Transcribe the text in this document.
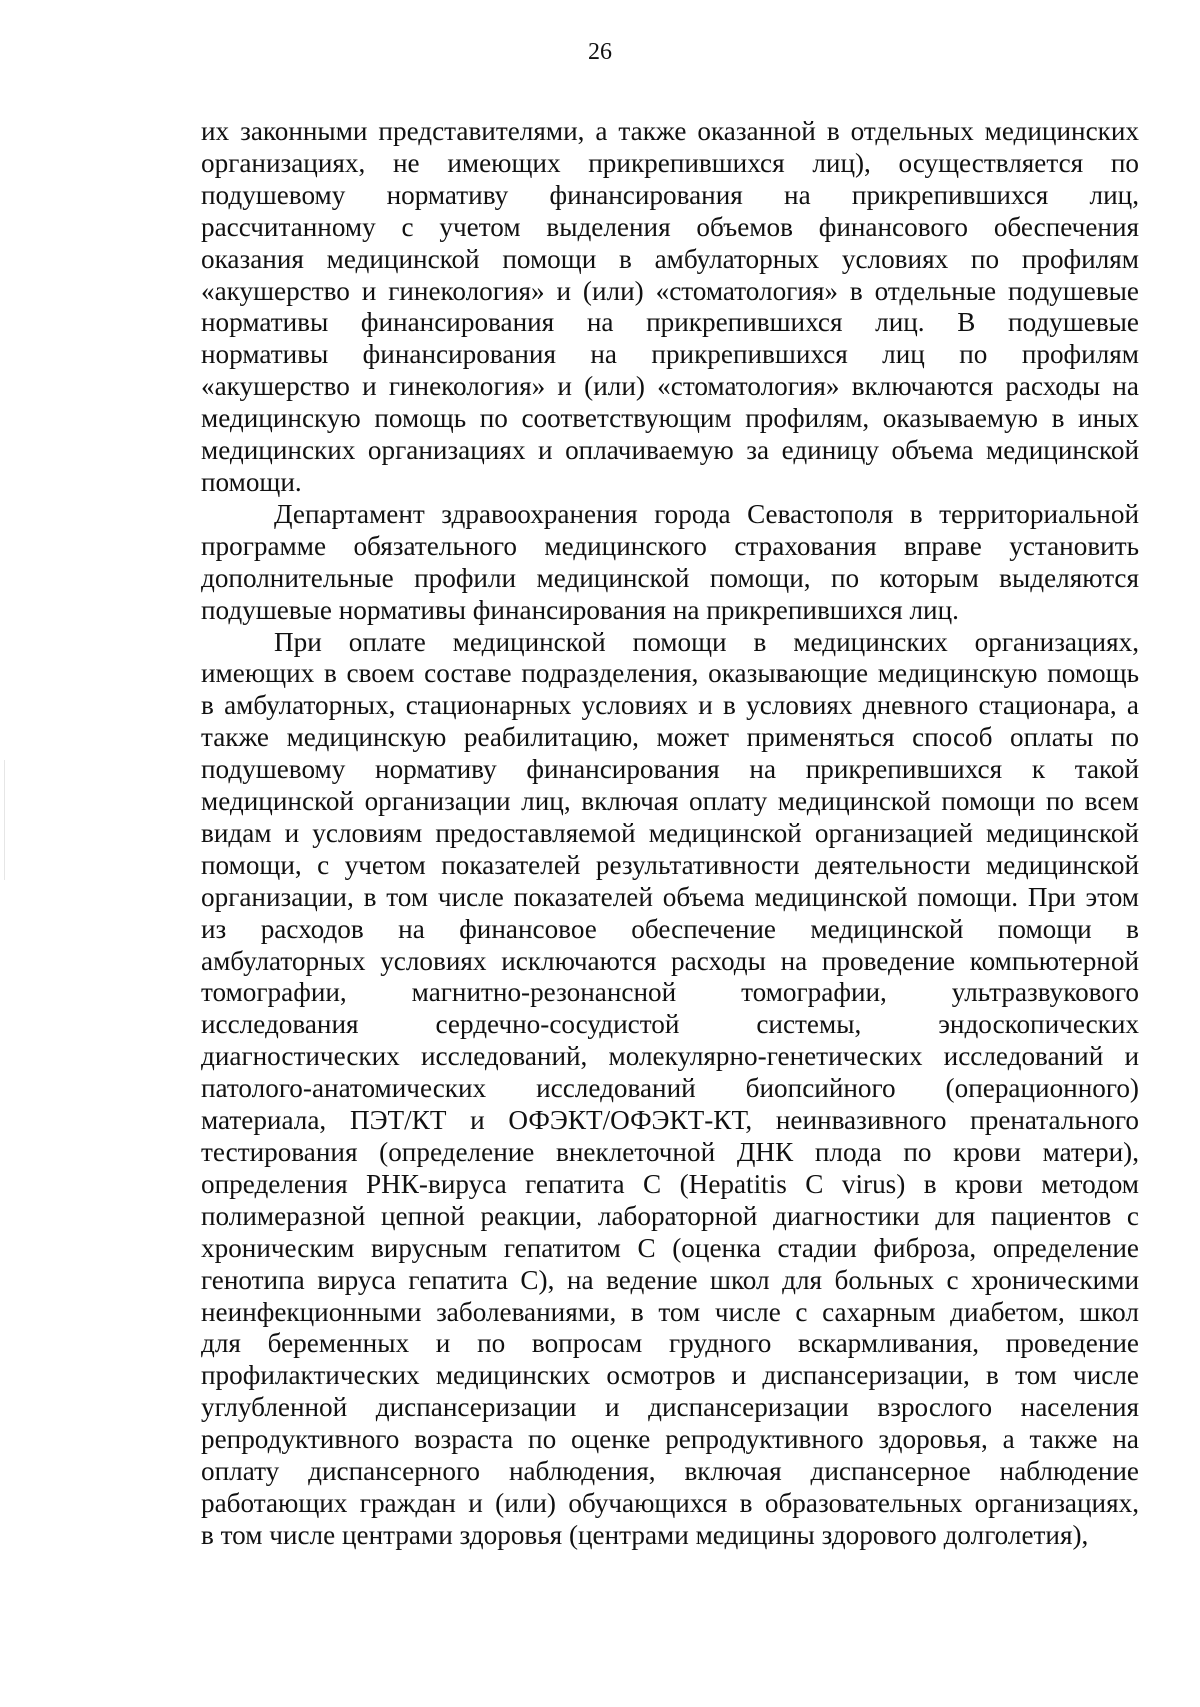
26

их законными представителями, а также оказанной в отдельных медицинских
организациях, не имеющих прикрепившихся лиц), осуществляется по
подушевому нормативу финансирования на прикрепившихся лиц,
рассчитанному с учетом выделения объемов финансового обеспечения
оказания медицинской помощи в амбулаторных условиях по профилям
«акушерство и гинекология» и (или) «стоматология» в отдельные подушевые
нормативы финансирования на прикрепившихся лиц. В подушевые
нормативы финансирования на прикрепившихся лиц по профилям
«акушерство и гинекология» и (или) «стоматология» включаются расходы на
медицинскую помощь по соответствующим профилям, оказываемую в иных
медицинских организациях и оплачиваемую за единицу объема медицинской
помощи.

Департамент здравоохранения города Севастополя в территориальной
программе обязательного медицинского страхования вправе установить
дополнительные профили медицинской помощи, по которым выделяются
подушевые нормативы финансирования на прикрепившихся лиц.

При оплате медицинской помощи в медицинских организациях,
имеющих в своем составе подразделения, оказывающие медицинскую помощь
в амбулаторных, стационарных условиях и в условиях дневного стационара, а
также медицинскую реабилитацию, может применяться способ оплаты по
подушевому нормативу финансирования на прикрепившихся к такой
медицинской организации лиц, включая оплату медицинской помощи по всем
видам и условиям предоставляемой медицинской организацией медицинской
помощи, с учетом показателей результативности деятельности медицинской
организации, в том числе показателей объема медицинской помощи. При этом
из расходов на финансовое обеспечение медицинской помощи в
амбулаторных условиях исключаются расходы на проведение компьютерной
томографии, магнитно-резонансной томографии, ультразвукового
исследования сердечно-сосудистой системы, эндоскопических
диагностических исследований, молекулярно-генетических исследований и
патолого-анатомических исследований биопсийного (операционного)
материала, ПЭТ/КТ и ОФЭКТ/ОФЭКТ-КТ, неинвазивного пренатального
тестирования (определение внеклеточной ДНК плода по крови матери),
определения РНК-вируса гепатита С (Hepatitis С virus) в крови методом
полимеразной цепной реакции, лабораторной диагностики для пациентов с
хроническим вирусным гепатитом С (оценка стадии фиброза, определение
генотипа вируса гепатита С), на ведение школ для больных с хроническими
неинфекционными заболеваниями, в том числе с сахарным диабетом, школ
для беременных и по вопросам грудного вскармливания, проведение
профилактических медицинских осмотров и диспансеризации, в том числе
углубленной диспансеризации и диспансеризации взрослого населения
репродуктивного возраста по оценке репродуктивного здоровья, а также на
оплату диспансерного наблюдения, включая диспансерное наблюдение
работающих граждан и (или) обучающихся в образовательных организациях,
в том числе центрами здоровья (центрами медицины здорового долголетия),
